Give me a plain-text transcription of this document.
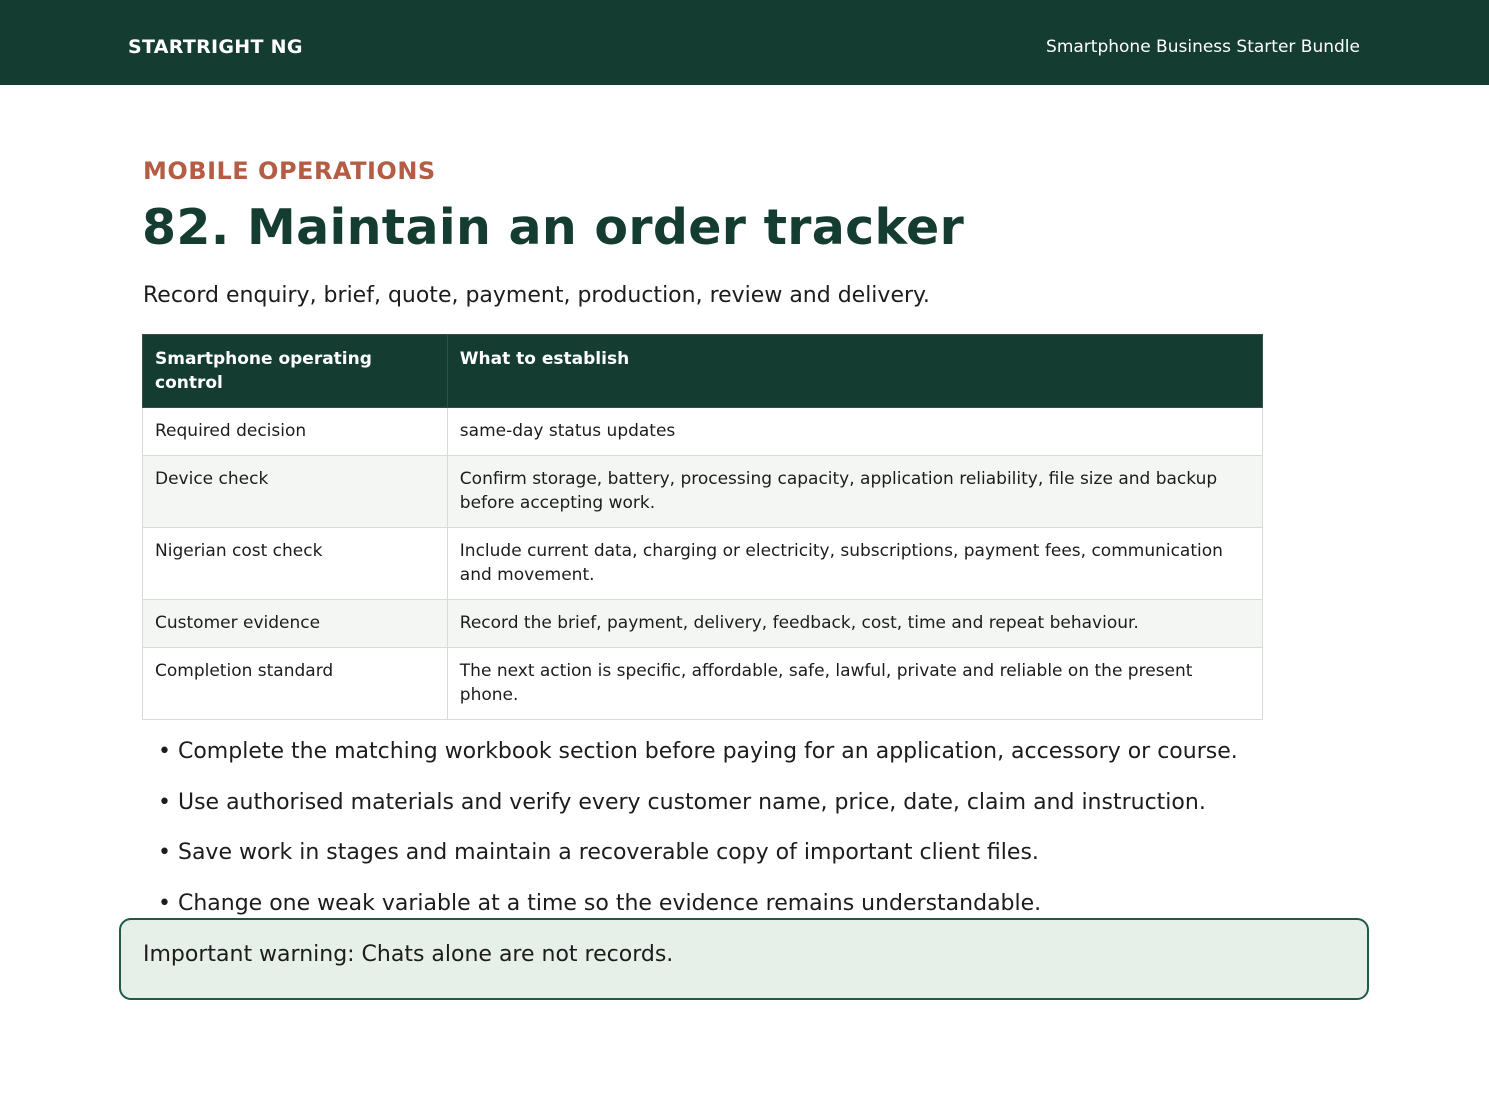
STARTRIGHT NG	Smartphone Business Starter Bundle
MOBILE OPERATIONS
82. Maintain an order tracker

Record enquiry, brief, quote, payment, production, review and delivery.

Smartphone operating control	What to establish
Required decision	same-day status updates
Device check	Confirm storage, battery, processing capacity, application reliability, file size and backup before accepting work.
Nigerian cost check	Include current data, charging or electricity, subscriptions, payment fees, communication and movement.
Customer evidence	Record the brief, payment, delivery, feedback, cost, time and repeat behaviour.
Completion standard	The next action is specific, affordable, safe, lawful, private and reliable on the present phone.
• Complete the matching workbook section before paying for an application, accessory or course.
• Use authorised materials and verify every customer name, price, date, claim and instruction.
• Save work in stages and maintain a recoverable copy of important client files.
• Change one weak variable at a time so the evidence remains understandable.
Important warning: Chats alone are not records.
